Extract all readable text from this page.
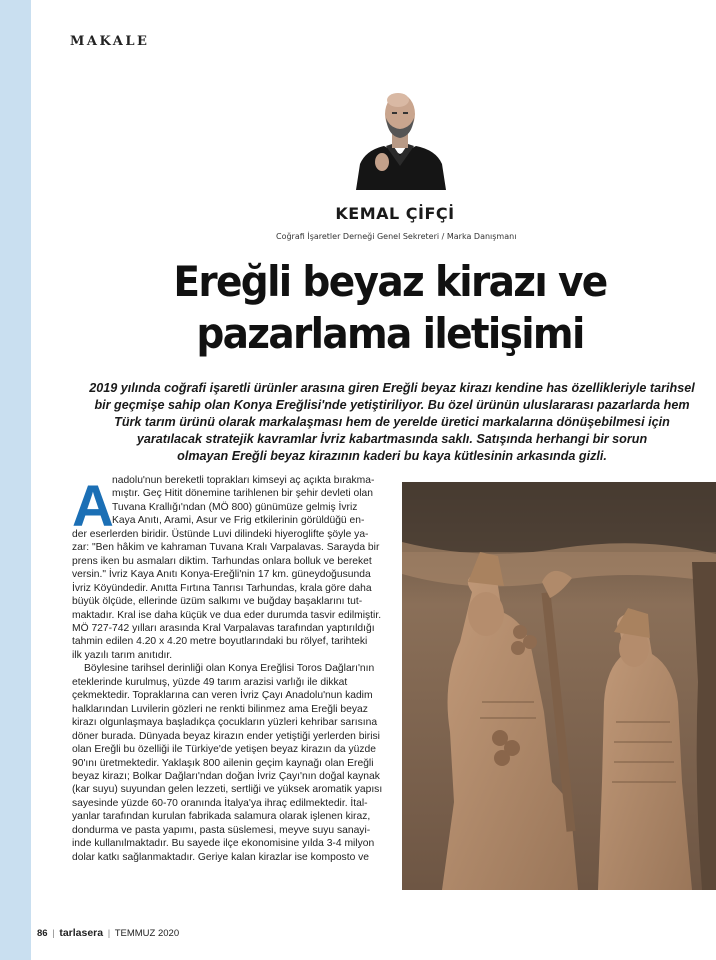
MAKALE
KEMAL ÇİFÇİ
Coğrafi İşaretler Derneği Genel Sekreteri / Marka Danışmanı
Ereğli beyaz kirazı ve
pazarlama iletişimi
2019 yılında coğrafi işaretli ürünler arasına giren Ereğli beyaz kirazı kendine has özellikleriyle tarihsel
bir geçmişe sahip olan Konya Ereğlisi'nde yetiştiriliyor. Bu özel ürünün uluslararası pazarlarda hem
Türk tarım ürünü olarak markalaşması hem de yerelde üretici markalarına dönüşebilmesi için
yaratılacak stratejik kavramlar İvriz kabartmasında saklı. Satışında herhangi bir sorun
olmayan Ereğli beyaz kirazının kaderi bu kaya kütlesinin arkasında gizli.
A
nadolu'nun bereketli toprakları kimseyi aç açıkta bırakma-
mıştır. Geç Hitit dönemine tarihlenen bir şehir devleti olan
Tuvana Krallığı'ndan (MÖ 800) günümüze gelmiş İvriz
Kaya Anıtı, Arami, Asur ve Frig etkilerinin görüldüğü en-
der eserlerden biridir. Üstünde Luvi dilindeki hiyeroglifte şöyle ya-
zar: "Ben hâkim ve kahraman Tuvana Kralı Varpalavas. Sarayda bir
prens iken bu asmaları diktim. Tarhundas onlara bolluk ve bereket
versin." İvriz Kaya Anıtı Konya-Ereğli'nin 17 km. güneydoğusunda
İvriz Köyündedir. Anıtta Fırtına Tanrısı Tarhundas, krala göre daha
büyük ölçüde, ellerinde üzüm salkımı ve buğday başaklarını tut-
maktadır. Kral ise daha küçük ve dua eder durumda tasvir edilmiştir.
MÖ 727-742 yılları arasında Kral Varpalavas tarafından yaptırıldığı
tahmin edilen 4.20 x 4.20 metre boyutlarındaki bu rölyef, tarihteki
ilk yazılı tarım anıtıdır.
Böylesine tarihsel derinliği olan Konya Ereğlisi Toros Dağları'nın
eteklerinde kurulmuş, yüzde 49 tarım arazisi varlığı ile dikkat
çekmektedir. Topraklarına can veren İvriz Çayı Anadolu'nun kadim
halklarından Luvilerin gözleri ne renkti bilinmez ama Ereğli beyaz
kirazı olgunlaşmaya başladıkça çocukların yüzleri kehribar sarısına
döner burada. Dünyada beyaz kirazın ender yetiştiği yerlerden birisi
olan Ereğli bu özelliği ile Türkiye'de yetişen beyaz kirazın da yüzde
90'ını üretmektedir. Yaklaşık 800 ailenin geçim kaynağı olan Ereğli
beyaz kirazı; Bolkar Dağları'ndan doğan İvriz Çayı'nın doğal kaynak
(kar suyu) suyundan gelen lezzeti, sertliği ve yüksek aromatik yapısı
sayesinde yüzde 60-70 oranında İtalya'ya ihraç edilmektedir. İtal-
yanlar tarafından kurulan fabrikada salamura olarak işlenen kiraz,
dondurma ve pasta yapımı, pasta süslemesi, meyve suyu sanayi-
inde kullanılmaktadır. Bu sayede ilçe ekonomisine yılda 3-4 milyon
dolar katkı sağlanmaktadır. Geriye kalan kirazlar ise komposto ve
86 | tarlasera | TEMMUZ 2020
